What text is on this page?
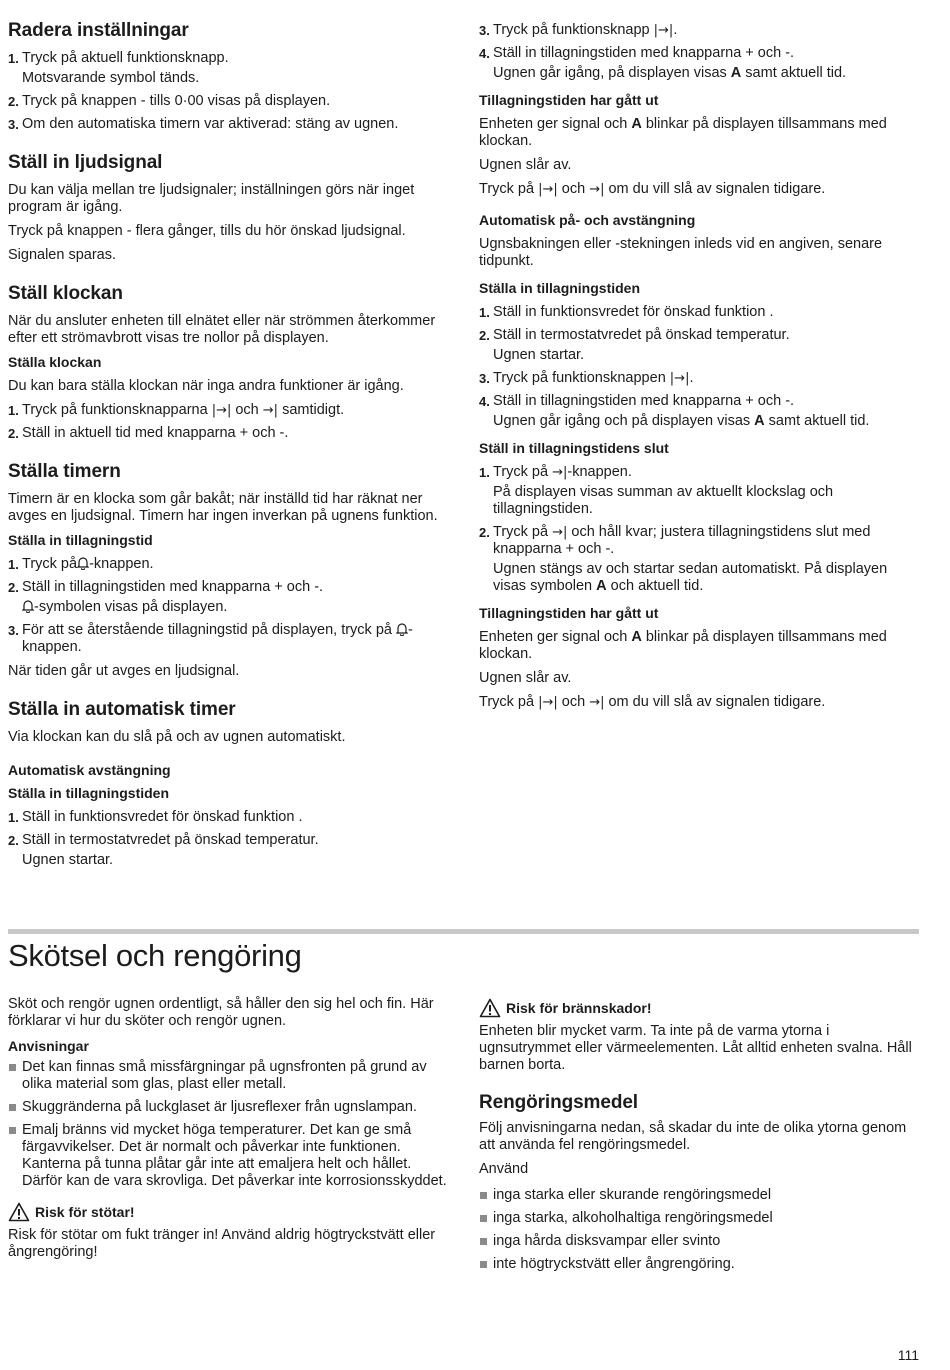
Radera inställningar
1. Tryck på aktuell funktionsknapp.
Motsvarande symbol tänds.
2. Tryck på knappen - tills 0·00 visas på displayen.
3. Om den automatiska timern var aktiverad: stäng av ugnen.
Ställ in ljudsignal

Du kan välja mellan tre ljudsignaler; inställningen görs när inget program är igång.

Tryck på knappen - flera gånger, tills du hör önskad ljudsignal.

Signalen sparas.

Ställ klockan

När du ansluter enheten till elnätet eller när strömmen återkommer efter ett strömavbrott visas tre nollor på displayen.

Ställa klockan

Du kan bara ställa klockan när inga andra funktioner är igång.

1. Tryck på funktionsknapparna |→| och →| samtidigt.
2. Ställ in aktuell tid med knapparna + och -.
Ställa timern

Timern är en klocka som går bakåt; när inställd tid har räknat ner avges en ljudsignal. Timern har ingen inverkan på ugnens funktion.

Ställa in tillagningstid
1. Tryck på -knappen.
2. Ställ in tillagningstiden med knapparna + och -.
-symbolen visas på displayen.
3. För att se återstående tillagningstid på displayen, tryck på -knappen.

När tiden går ut avges en ljudsignal.

Ställa in automatisk timer

Via klockan kan du slå på och av ugnen automatiskt.

Automatisk avstängning
Ställa in tillagningstiden
1. Ställ in funktionsvredet för önskad funktion .
2. Ställ in termostatvredet på önskad temperatur.
Ugnen startar.
3. Tryck på funktionsknapp |→|.
4. Ställ in tillagningstiden med knapparna + och -.
Ugnen går igång, på displayen visas A samt aktuell tid.
Tillagningstiden har gått ut

Enheten ger signal och A blinkar på displayen tillsammans med klockan.

Ugnen slår av.

Tryck på |→| och →| om du vill slå av signalen tidigare.

Automatisk på- och avstängning

Ugnsbakningen eller -stekningen inleds vid en angiven, senare tidpunkt.

Ställa in tillagningstiden
1. Ställ in funktionsvredet för önskad funktion .
2. Ställ in termostatvredet på önskad temperatur.
Ugnen startar.
3. Tryck på funktionsknappen |→|.
4. Ställ in tillagningstiden med knapparna + och -.
Ugnen går igång och på displayen visas A samt aktuell tid.
Ställ in tillagningstidens slut
1. Tryck på →|-knappen.
På displayen visas summan av aktuellt klockslag och tillagningstiden.
2. Tryck på →| och håll kvar; justera tillagningstidens slut med knapparna + och -.
Ugnen stängs av och startar sedan automatiskt. På displayen visas symbolen A och aktuell tid.
Tillagningstiden har gått ut

Enheten ger signal och A blinkar på displayen tillsammans med klockan.

Ugnen slår av.

Tryck på |→| och →| om du vill slå av signalen tidigare.

Skötsel och rengöring

Sköt och rengör ugnen ordentligt, så håller den sig hel och fin. Här förklarar vi hur du sköter och rengör ugnen.

Anvisningar
Det kan finnas små missfärgningar på ugnsfronten på grund av olika material som glas, plast eller metall.
Skuggränderna på luckglaset är ljusreflexer från ugnslampan.
Emalj bränns vid mycket höga temperaturer. Det kan ge små färgavvikelser. Det är normalt och påverkar inte funktionen. Kanterna på tunna plåtar går inte att emaljera helt och hållet. Därför kan de vara skrovliga. Det påverkar inte korrosionsskyddet.
Risk för stötar!

Risk för stötar om fukt tränger in! Använd aldrig högtryckstvätt eller ångrengöring!

Risk för brännskador!

Enheten blir mycket varm. Ta inte på de varma ytorna i ugnsutrymmet eller värmeelementen. Låt alltid enheten svalna. Håll barnen borta.

Rengöringsmedel

Följ anvisningarna nedan, så skadar du inte de olika ytorna genom att använda fel rengöringsmedel.

Använd

inga starka eller skurande rengöringsmedel
inga starka, alkoholhaltiga rengöringsmedel
inga hårda disksvampar eller svinto
inte högtryckstvätt eller ångrengöring.
111
